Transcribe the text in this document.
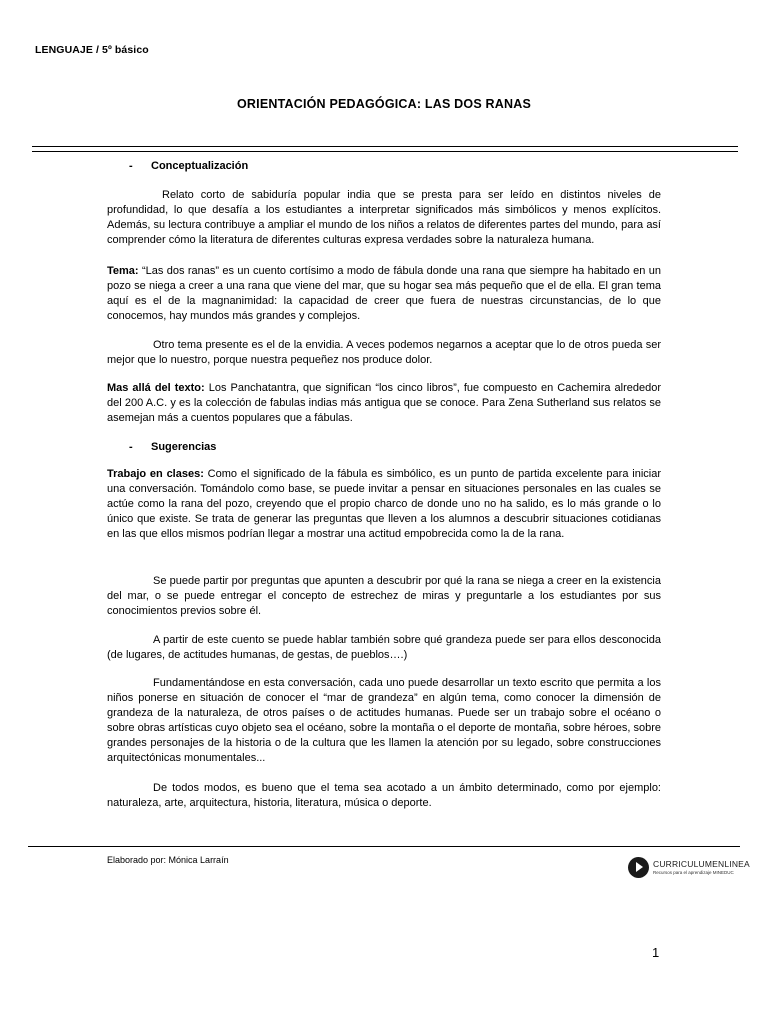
LENGUAJE / 5º básico
ORIENTACIÓN PEDAGÓGICA: LAS DOS RANAS
- Conceptualización

Relato corto de sabiduría popular india que se presta para ser leído en distintos niveles de profundidad, lo que desafía a los estudiantes a interpretar significados más simbólicos y menos explícitos. Además, su lectura contribuye a ampliar el mundo de los niños a relatos de diferentes partes del mundo, para así comprender cómo la literatura de diferentes culturas expresa verdades sobre la naturaleza humana.

Tema: “Las dos ranas” es un cuento cortísimo a modo de fábula donde una rana que siempre ha habitado en un pozo se niega a creer a una rana que viene del mar, que su hogar sea más pequeño que el de ella. El gran tema aquí es el de la magnanimidad: la capacidad de creer que fuera de nuestras circunstancias, de lo que conocemos, hay mundos más grandes y complejos.

Otro tema presente es el de la envidia. A veces podemos negarnos a aceptar que lo de otros pueda ser mejor que lo nuestro, porque nuestra pequeñez nos produce dolor.

Mas allá del texto: Los Panchatantra, que significan “los cinco libros”, fue compuesto en Cachemira alrededor del 200 A.C. y es la colección de fabulas indias más antigua que se conoce. Para Zena Sutherland sus relatos se asemejan más a cuentos populares que a fábulas.

- Sugerencias

Trabajo en clases: Como el significado de la fábula es simbólico, es un punto de partida excelente para iniciar una conversación. Tomándolo como base, se puede invitar a pensar en situaciones personales en las cuales se actúe como la rana del pozo, creyendo que el propio charco de donde uno no ha salido, es lo más grande o lo único que existe. Se trata de generar las preguntas que lleven a los alumnos a descubrir situaciones cotidianas en las que ellos mismos podrían llegar a mostrar una actitud empobrecida como la de la rana.

Se puede partir por preguntas que apunten a descubrir por qué la rana se niega a creer en la existencia del mar, o se puede entregar el concepto de estrechez de miras y preguntarle a los estudiantes por sus conocimientos previos sobre él.

A partir de este cuento se puede hablar también sobre qué grandeza puede ser para ellos desconocida (de lugares, de actitudes humanas, de gestas, de pueblos….)

Fundamentándose en esta conversación, cada uno puede desarrollar un texto escrito que permita a los niños ponerse en situación de conocer el “mar de grandeza” en algún tema, como conocer la dimensión de grandeza de la naturaleza, de otros países o de actitudes humanas. Puede ser un trabajo sobre el océano o sobre obras artísticas cuyo objeto sea el océano, sobre la montaña o el deporte de montaña, sobre héroes, sobre grandes personajes de la historia o de la cultura que les llamen la atención por su legado, sobre construcciones arquitectónicas monumentales...

De todos modos, es bueno que el tema sea acotado a un ámbito determinado, como por ejemplo: naturaleza, arte, arquitectura, historia, literatura, música o deporte.

Elaborado por: Mónica Larraín	CURRICULUMENLINEA
Recursos para el aprendizaje MINEDUC
1
